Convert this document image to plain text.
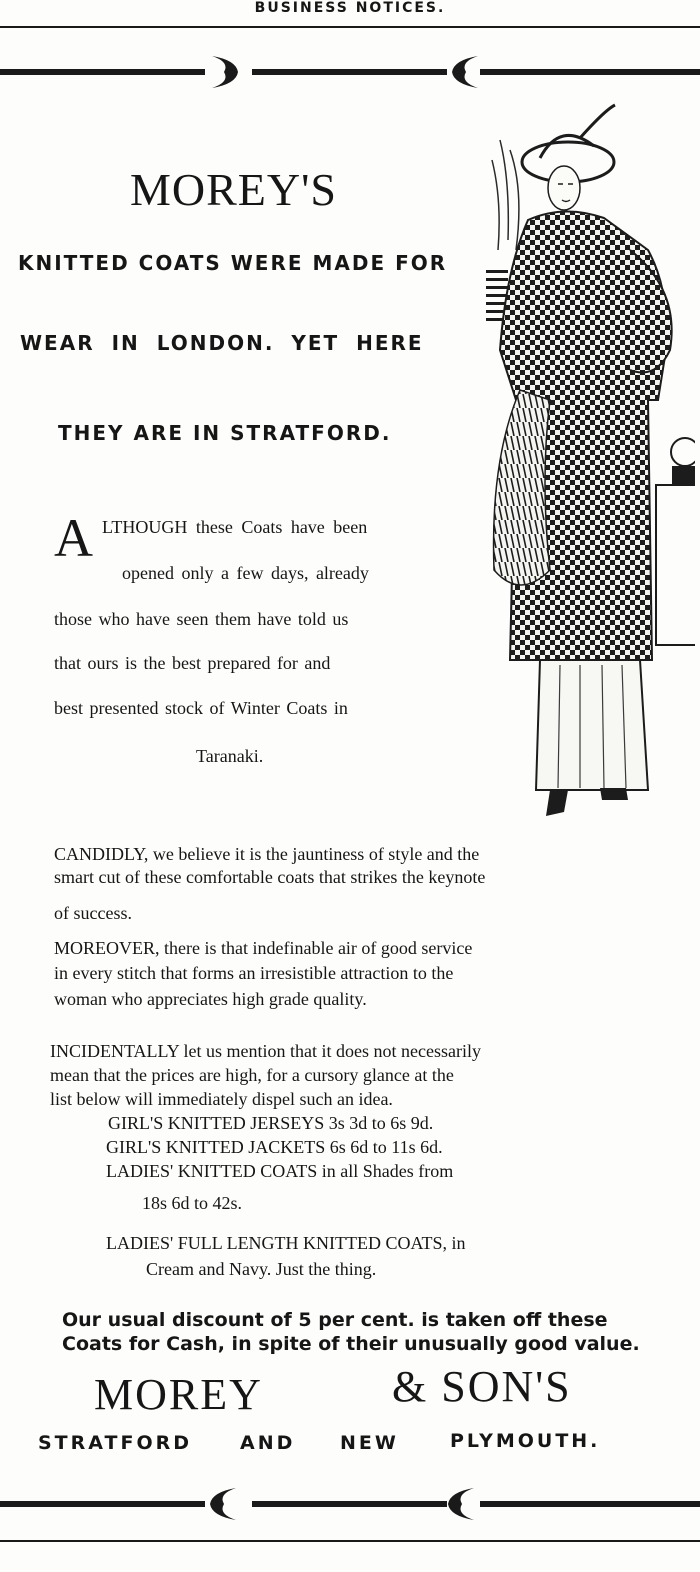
BUSINESS NOTICES.
MOREY'S
KNITTED COATS WERE MADE FOR
WEAR IN LONDON. YET HERE
THEY ARE IN STRATFORD.
A LTHOUGH these Coats have been
opened only a few days, already
those who have seen them have told us
that ours is the best prepared for and
best presented stock of Winter Coats in
Taranaki.
CANDIDLY, we believe it is the jauntiness of style and the
smart cut of these comfortable coats that strikes the keynote
of success.
MOREOVER, there is that indefinable air of good service
in every stitch that forms an irresistible attraction to the
woman who appreciates high grade quality.
INCIDENTALLY let us mention that it does not necessarily
mean that the prices are high, for a cursory glance at the
list below will immediately dispel such an idea.
GIRL'S KNITTED JERSEYS 3s 3d to 6s 9d.
GIRL'S KNITTED JACKETS 6s 6d to 11s 6d.
LADIES' KNITTED COATS in all Shades from
18s 6d to 42s.
LADIES' FULL LENGTH KNITTED COATS, in
Cream and Navy. Just the thing.
Our usual discount of 5 per cent. is taken off these
Coats for Cash, in spite of their unusually good value.
MOREY	& SON'S
STRATFORD	AND NEW	PLYMOUTH.
